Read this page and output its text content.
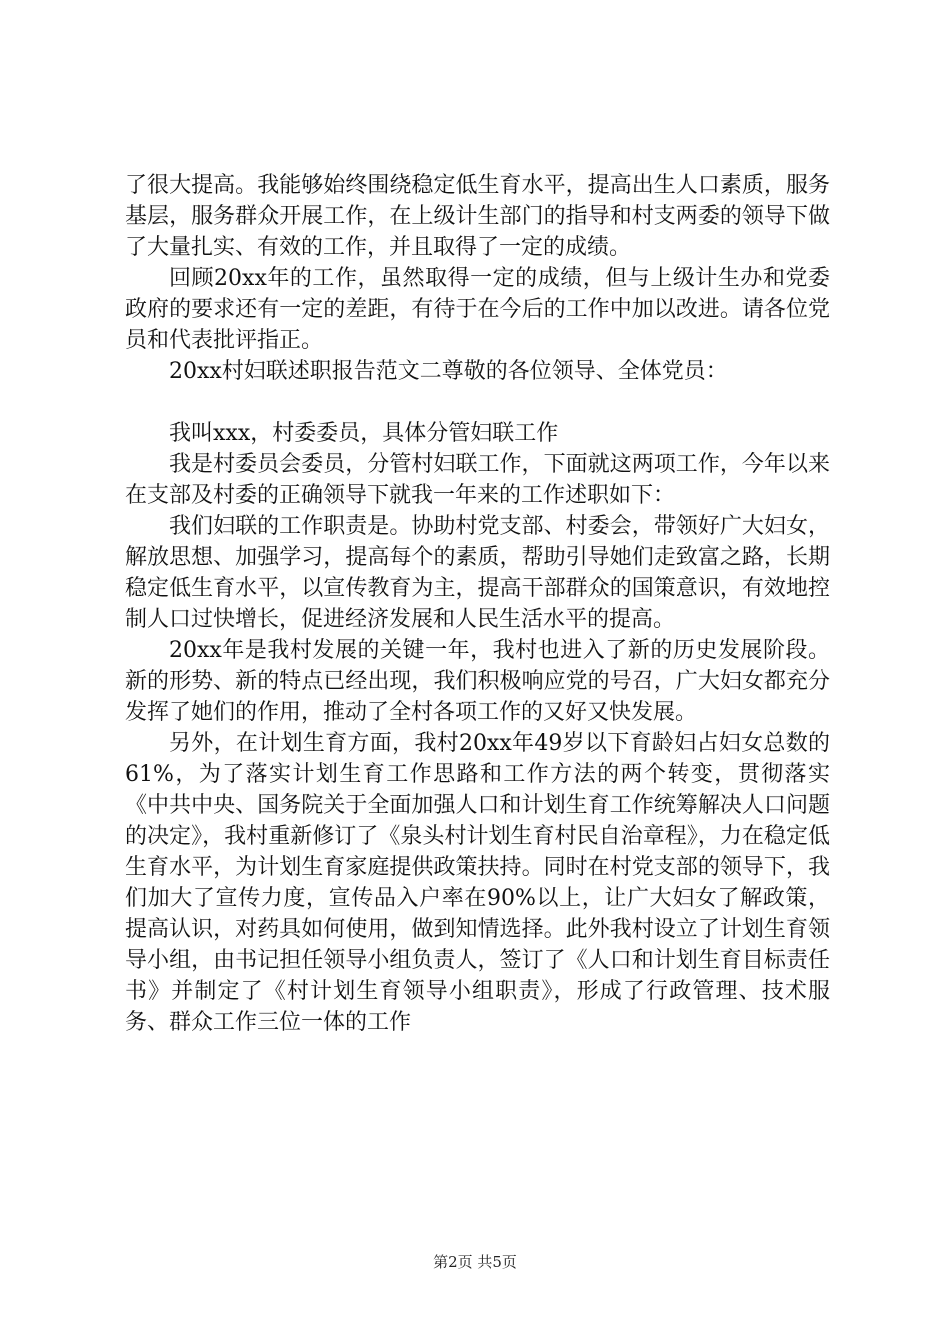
了很大提高。我能够始终围绕稳定低生育水平，提高出生人口素质，服务基层，服务群众开展工作，在上级计生部门的指导和村支两委的领导下做了大量扎实、有效的工作，并且取得了一定的成绩。

回顾20xx年的工作，虽然取得一定的成绩，但与上级计生办和党委政府的要求还有一定的差距，有待于在今后的工作中加以改进。请各位党员和代表批评指正。

20xx村妇联述职报告范文二尊敬的各位领导、全体党员：

我叫xxx，村委委员，具体分管妇联工作

我是村委员会委员，分管村妇联工作，下面就这两项工作，今年以来在支部及村委的正确领导下就我一年来的工作述职如下：

我们妇联的工作职责是。协助村党支部、村委会，带领好广大妇女，解放思想、加强学习，提高每个的素质，帮助引导她们走致富之路，长期稳定低生育水平，以宣传教育为主，提高干部群众的国策意识，有效地控制人口过快增长，促进经济发展和人民生活水平的提高。

20xx年是我村发展的关键一年，我村也进入了新的历史发展阶段。新的形势、新的特点已经出现，我们积极响应党的号召，广大妇女都充分发挥了她们的作用，推动了全村各项工作的又好又快发展。

另外，在计划生育方面，我村20xx年49岁以下育龄妇占妇女总数的61%，为了落实计划生育工作思路和工作方法的两个转变，贯彻落实《中共中央、国务院关于全面加强人口和计划生育工作统筹解决人口问题的决定》，我村重新修订了《泉头村计划生育村民自治章程》，力在稳定低生育水平，为计划生育家庭提供政策扶持。同时在村党支部的领导下，我们加大了宣传力度，宣传品入户率在90%以上，让广大妇女了解政策，提高认识，对药具如何使用，做到知情选择。此外我村设立了计划生育领导小组，由书记担任领导小组负责人，签订了《人口和计划生育目标责任书》并制定了《村计划生育领导小组职责》，形成了行政管理、技术服务、群众工作三位一体的工作

第2页 共5页
